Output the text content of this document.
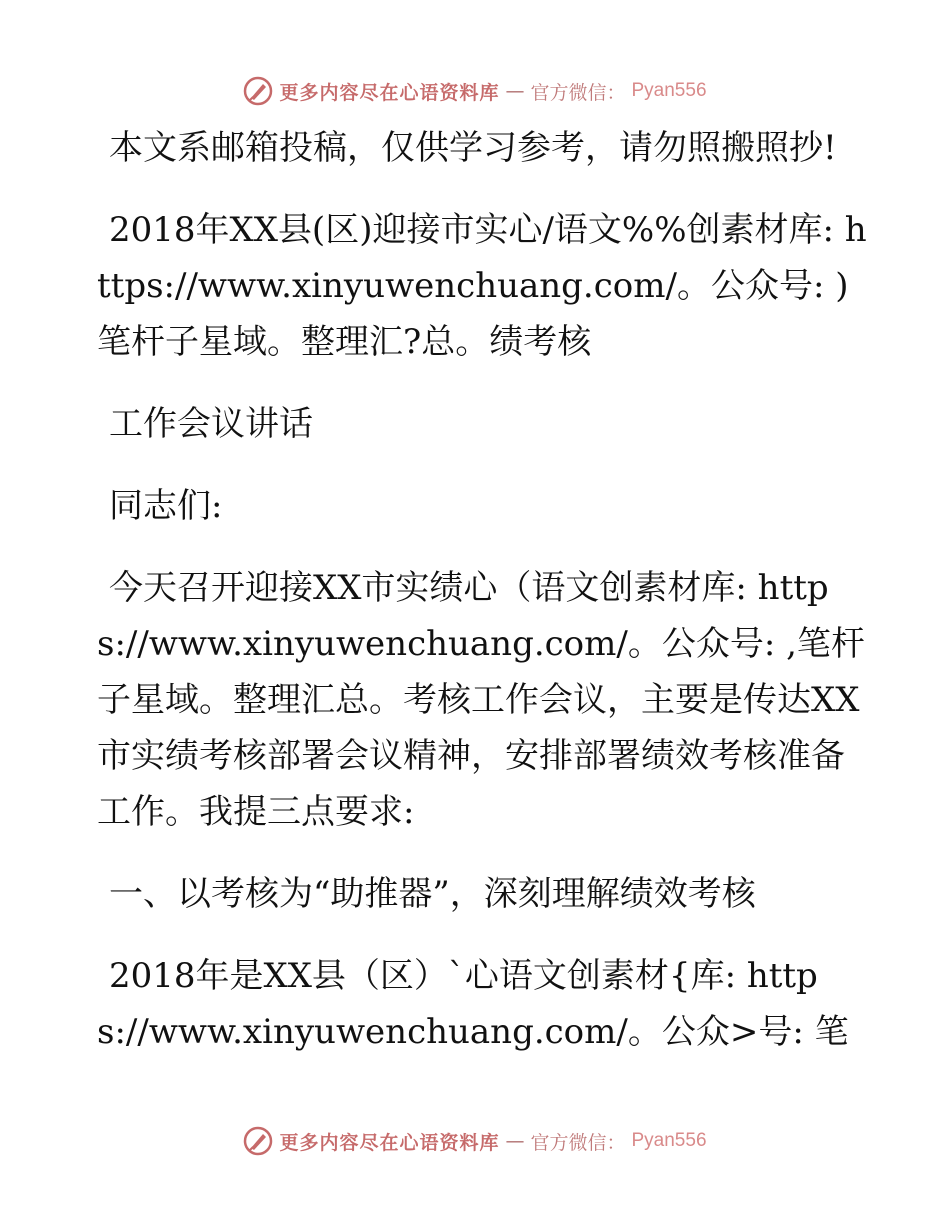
更多内容尽在心语资料库 — 官方微信： Pyan556

本文系邮箱投稿，仅供学习参考，请勿照搬照抄!

2018年XX县(区)迎接市实心/语文%%创素材库: https://www.xinyuwenchuang.com/。公众号: )笔杆子星域。整理汇?总。绩考核

工作会议讲话

同志们:

今天召开迎接XX市实绩心（语文创素材库: https://www.xinyuwenchuang.com/。公众号: ,笔杆子星域。整理汇总。考核工作会议，主要是传达XX市实绩考核部署会议精神，安排部署绩效考核准备工作。我提三点要求:

一、以考核为“助推器”，深刻理解绩效考核

2018年是XX县（区）`心语文创素材{库: https://www.xinyuwenchuang.com/。公众>号: 笔

更多内容尽在心语资料库 — 官方微信： Pyan556
